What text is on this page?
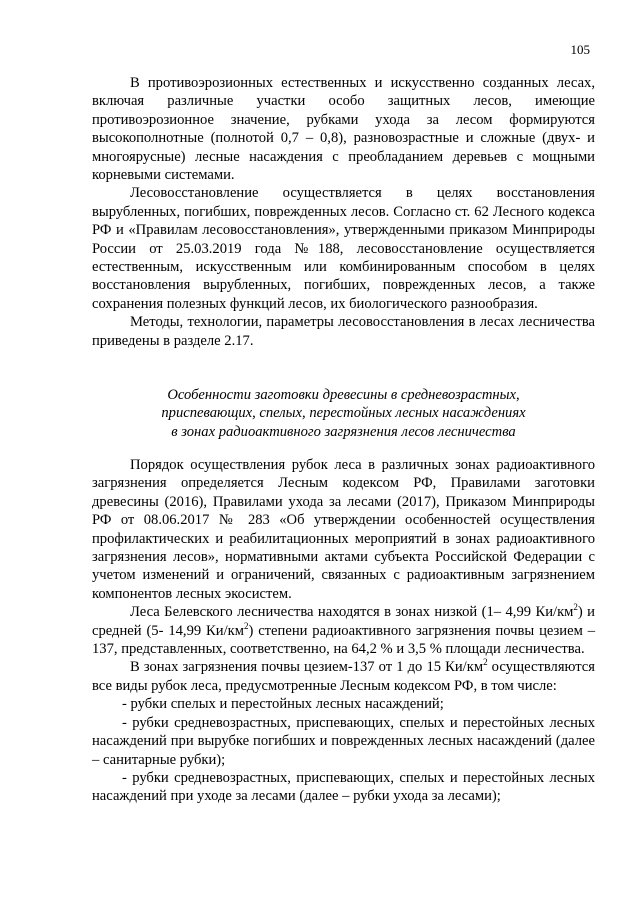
105

В противоэрозионных естественных и искусственно созданных лесах, включая различные участки особо защитных лесов, имеющие противоэрозионное значение, рубками ухода за лесом формируются высокополнотные (полнотой 0,7 – 0,8), разновозрастные и сложные (двух- и многоярусные) лесные насаждения с преобладанием деревьев с мощными корневыми системами.

Лесовосстановление осуществляется в целях восстановления вырубленных, погибших, поврежденных лесов. Согласно ст. 62 Лесного кодекса РФ и «Правилам лесовосстановления», утвержденными приказом Минприроды России от 25.03.2019 года №188, лесовосстановление осуществляется естественным, искусственным или комбинированным способом в целях восстановления вырубленных, погибших, поврежденных лесов, а также сохранения полезных функций лесов, их биологического разнообразия.

Методы, технологии, параметры лесовосстановления в лесах лесничества приведены в разделе 2.17.

Особенности заготовки древесины в средневозрастных,
приспевающих, спелых, перестойных лесных насаждениях
в зонах радиоактивного загрязнения лесов лесничества

Порядок осуществления рубок леса в различных зонах радиоактивного загрязнения определяется Лесным кодексом РФ, Правилами заготовки древесины (2016), Правилами ухода за лесами (2017), Приказом Минприроды РФ от 08.06.2017 № 283 «Об утверждении особенностей осуществления профилактических и реабилитационных мероприятий в зонах радиоактивного загрязнения лесов», нормативными актами субъекта Российской Федерации с учетом изменений и ограничений, связанных с радиоактивным загрязнением компонентов лесных экосистем.

Леса Белевского лесничества находятся в зонах низкой (1– 4,99 $Ки/км^2$) и средней (5- 14,99 $Ки/км^2$) степени радиоактивного загрязнения почвы цезием – 137, представленных, соответственно, на 64,2 % и 3,5 % площади лесничества.

В зонах загрязнения почвы цезием-137 от 1 до 15 $Ки/км^2$ осуществляются все виды рубок леса, предусмотренные Лесным кодексом РФ, в том числе:

- рубки спелых и перестойных лесных насаждений;

- рубки средневозрастных, приспевающих, спелых и перестойных лесных насаждений при вырубке погибших и поврежденных лесных насаждений (далее – санитарные рубки);

- рубки средневозрастных, приспевающих, спелых и перестойных лесных насаждений при уходе за лесами (далее – рубки ухода за лесами);
